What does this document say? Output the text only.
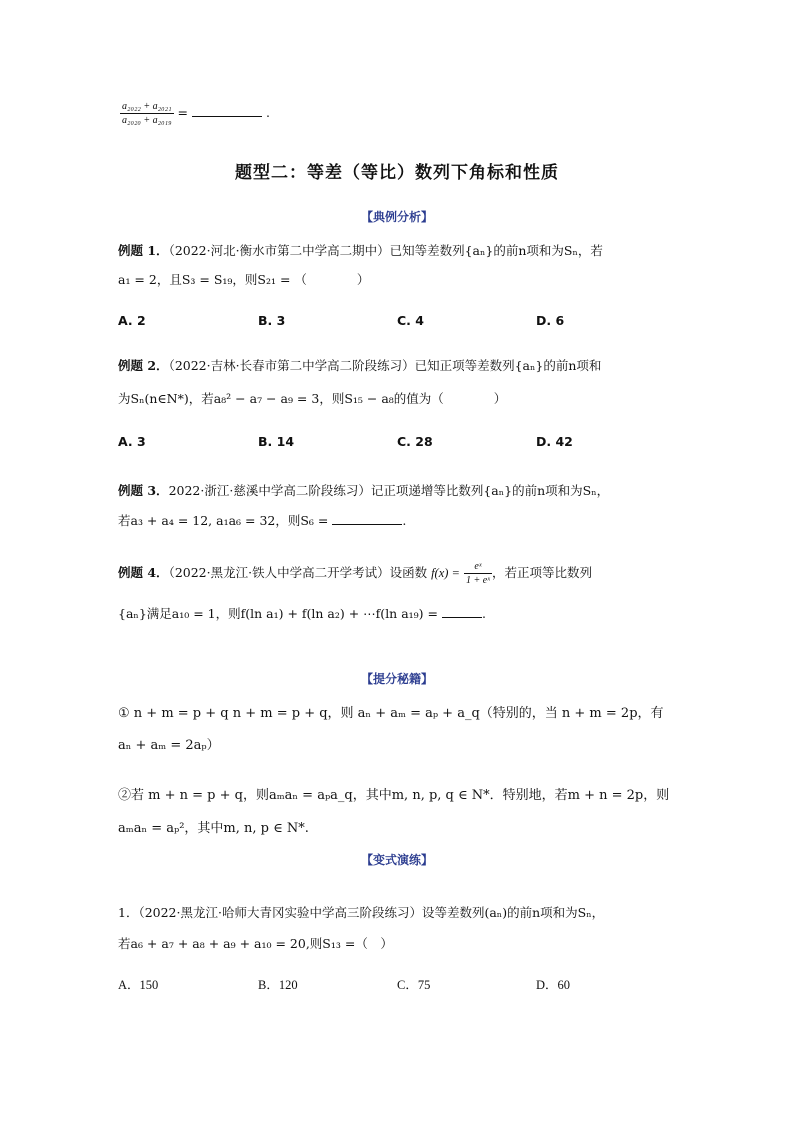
$\frac{\text{a₂₀₂₂ + a₂₀₂₁}}{\text{a₂₀₂₀ + a₂₀₁₉}}$ =	.
题型二：等差（等比）数列下角标和性质
【典例分析】
例题 1．（2022·河北·衡水市第二中学高二期中）已知等差数列{aₙ}的前n项和为Sₙ，若
a₁ = 2，且S₃ = S₁₉，则S₂₁ = （　　　　）
A. 2	B. 3	C. 4	D. 6
例题 2．（2022·吉林·长春市第二中学高二阶段练习）已知正项等差数列{aₙ}的前n项和
为Sₙ(n∈N*)，若a₈² − a₇ − a₉ = 3，则S₁₅ − a₈的值为（　　　　）
A. 3	B. 14	C. 28	D. 42
例题 3．2022·浙江·慈溪中学高二阶段练习）记正项递增等比数列{aₙ}的前n项和为Sₙ，
若a₃ + a₄ = 12, a₁a₆ = 32，则S₆ =	.
例题 4．（2022·黑龙江·铁人中学高二开学考试）设函数 $f(x) = \frac{\text{eˣ}}{\text{1 + eˣ}}$ ，若正项等比数列
{aₙ}满足a₁₀ = 1，则f(ln a₁) + f(ln a₂) + ⋯f(ln a₁₉) =	.
【提分秘籍】
① n + m = p + q n + m = p + q，则 aₙ + aₘ = aₚ + a_q（特别的，当 n + m = 2p，有
aₙ + aₘ = 2aₚ）
②若 m + n = p + q，则aₘaₙ = aₚa_q，其中m, n, p, q ∈ N*．特别地，若m + n = 2p，则
aₘaₙ = aₚ²，其中m, n, p ∈ N*.
【变式演练】
1．（2022·黑龙江·哈师大青冈实验中学高三阶段练习）设等差数列(aₙ)的前n项和为Sₙ，
若a₆ + a₇ + a₈ + a₉ + a₁₀ = 20,则S₁₃ =（　）
A．150	B．120	C．75	D．60
